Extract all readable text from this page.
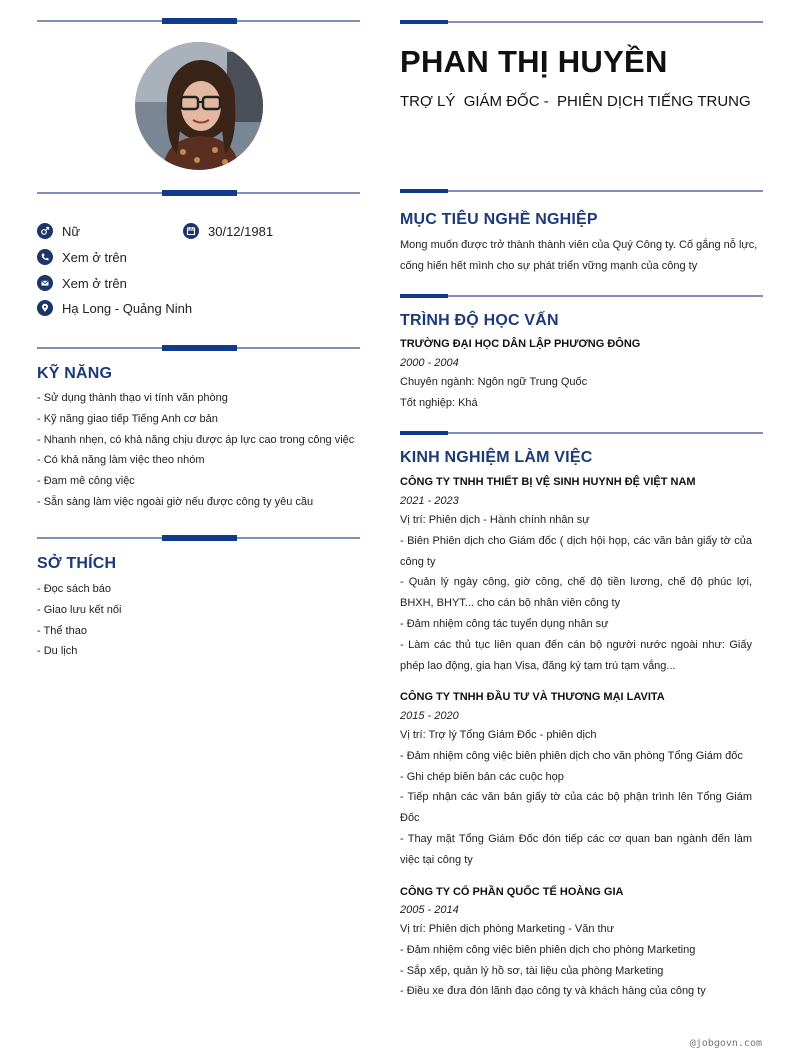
Nữ	30/12/1981
Xem ở trên
Xem ở trên
Hạ Long - Quảng Ninh
KỸ NĂNG
- Sử dụng thành thạo vi tính văn phòng
- Kỹ năng giao tiếp Tiếng Anh cơ bản
- Nhanh nhẹn, có khả năng chịu được áp lực cao trong công việc
- Có khả năng làm việc theo nhóm
- Đam mê công việc
- Sẵn sàng làm việc ngoài giờ nếu được công ty yêu cầu
SỞ THÍCH
- Đọc sách báo
- Giao lưu kết nối
- Thể thao
- Du lịch
PHAN THỊ HUYỀN
TRỢ LÝ  GIÁM ĐỐC -  PHIÊN DỊCH TIẾNG TRUNG
MỤC TIÊU NGHỀ NGHIỆP
Mong muốn được trở thành thành viên của Quý Công ty. Cố gắng nỗ lực, cống hiến hết mình cho sự phát triển vững mạnh của công ty
TRÌNH ĐỘ HỌC VẤN
TRƯỜNG ĐẠI HỌC DÂN LẬP PHƯƠNG ĐÔNG
2000 - 2004
Chuyên ngành: Ngôn ngữ Trung Quốc
Tốt nghiệp: Khá
KINH NGHIỆM LÀM VIỆC
CÔNG TY TNHH THIẾT BỊ VỆ SINH HUYNH ĐỆ VIỆT NAM
2021 - 2023
Vị trí: Phiên dịch - Hành chính nhân sự
- Biên Phiên dịch cho Giám đốc ( dịch hội họp, các văn bản giấy tờ của công ty
- Quản lý ngày công, giờ công, chế độ tiền lương, chế độ phúc lợi, BHXH, BHYT... cho cán bộ nhân viên công ty
- Đảm nhiệm công tác tuyển dụng nhân sự
- Làm các thủ tục liên quan đến cán bộ người nước ngoài như: Giấy phép lao động, gia hạn Visa, đăng ký tạm trú tạm vắng...
CÔNG TY TNHH ĐẦU TƯ VÀ THƯƠNG MẠI LAVITA
2015 - 2020
Vị trí: Trợ lý Tổng Giám Đốc - phiên dịch
- Đảm nhiệm công việc biên phiên dịch cho văn phòng Tổng Giám đốc
- Ghi chép biên bản các cuộc họp
- Tiếp nhận các văn bản giấy tờ của các bộ phận trình lên Tổng Giám Đốc
- Thay mặt Tổng Giám Đốc đón tiếp các cơ quan ban ngành đến làm việc tại công ty
CÔNG TY CỔ PHẦN QUỐC TẾ HOÀNG GIA
2005 - 2014
Vị trí: Phiên dịch phòng Marketing - Văn thư
- Đảm nhiệm công việc biên phiên dịch cho phòng Marketing
- Sắp xếp, quản lý hồ sơ, tài liệu của phòng Marketing
- Điều xe đưa đón lãnh đạo công ty và khách hàng của công ty
@jobgovn.com
